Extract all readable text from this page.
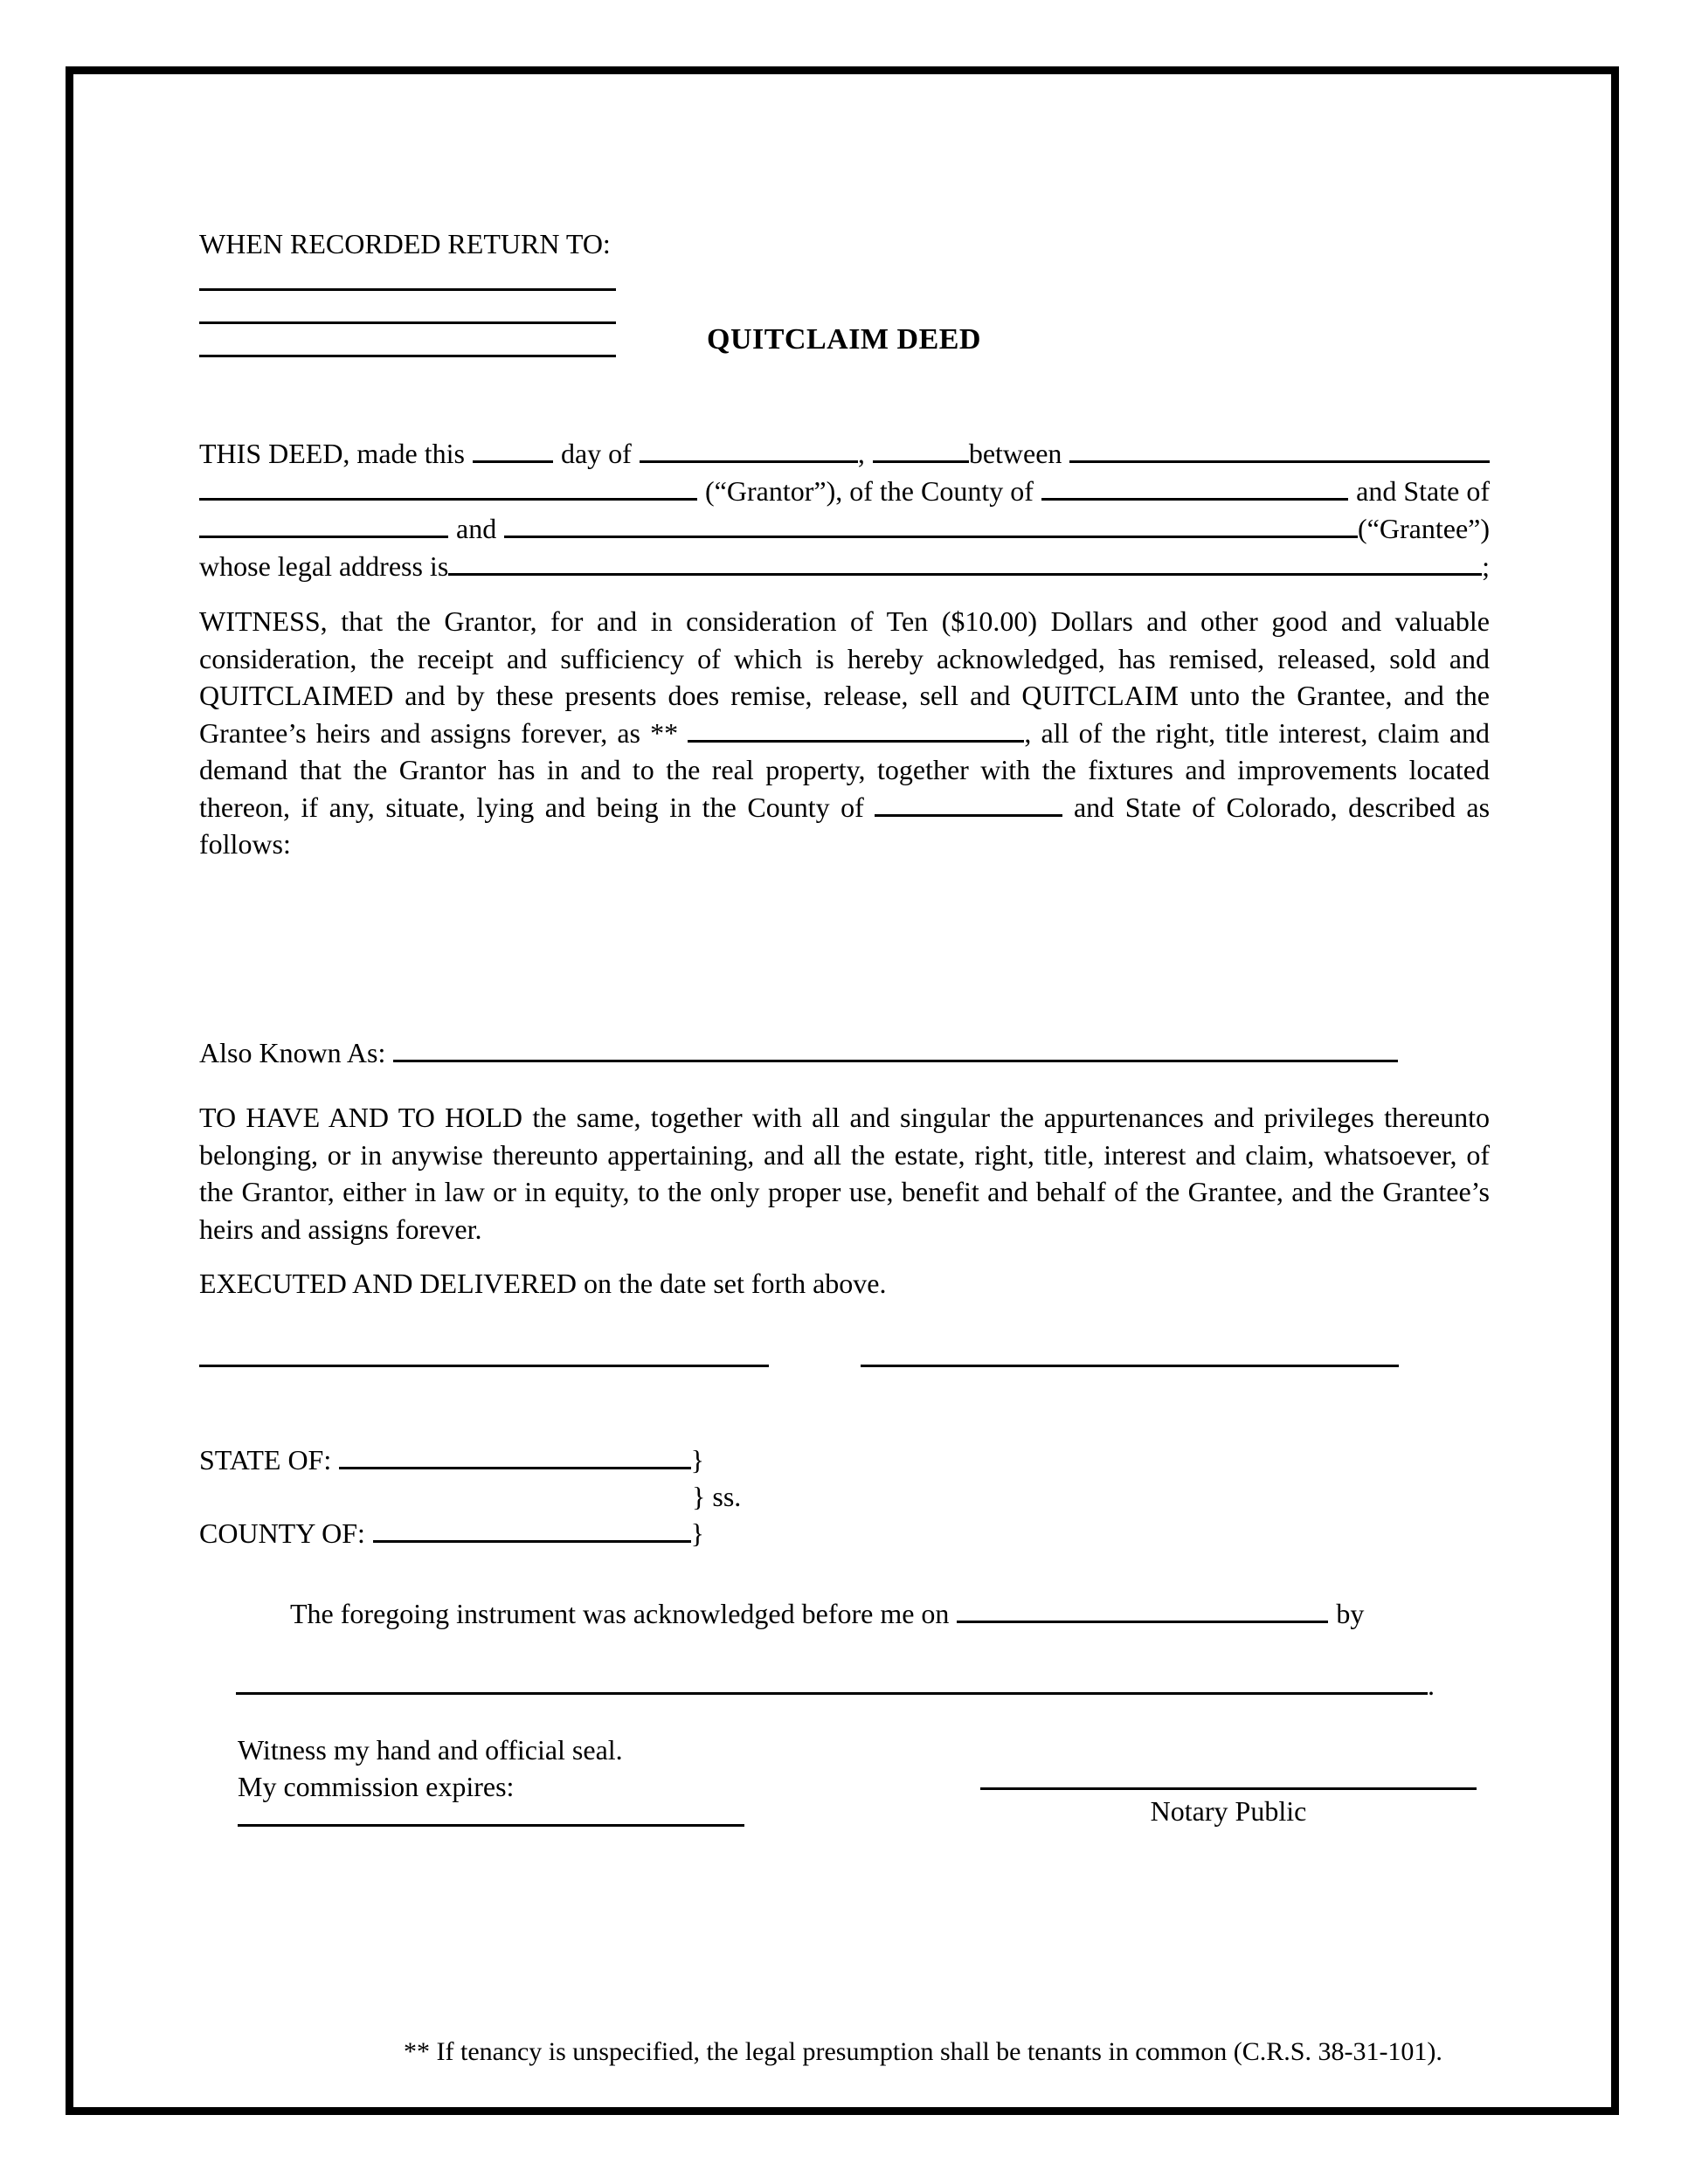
WHEN RECORDED RETURN TO:
QUITCLAIM DEED
THIS DEED, made this	day of	,	between
(“Grantor”), of the County of	and State of
and	(“Grantee”)
whose legal address is	;
WITNESS, that the Grantor, for and in consideration of Ten ($10.00) Dollars and other good and valuable consideration, the receipt and sufficiency of which is hereby acknowledged, has remised, released, sold and QUITCLAIMED and by these presents does remise, release, sell and QUITCLAIM unto the Grantee, and the Grantee’s heirs and assigns forever, as **	, all of the right, title interest, claim and demand that the Grantor has in and to the real property, together with the fixtures and improvements located thereon, if any, situate, lying and being in the County of	and State of Colorado, described as follows:
Also Known As:
TO HAVE AND TO HOLD the same, together with all and singular the appurtenances and privileges thereunto belonging, or in anywise thereunto appertaining, and all the estate, right, title, interest and claim, whatsoever, of the Grantor, either in law or in equity, to the only proper use, benefit and behalf of the Grantee, and the Grantee’s heirs and assigns forever.
EXECUTED AND DELIVERED on the date set forth above.
STATE OF:	}
} ss.
COUNTY OF:	}
The foregoing instrument was acknowledged before me on	by
.
Witness my hand and official seal.
My commission expires:
Notary Public
** If tenancy is unspecified, the legal presumption shall be tenants in common (C.R.S. 38-31-101).
